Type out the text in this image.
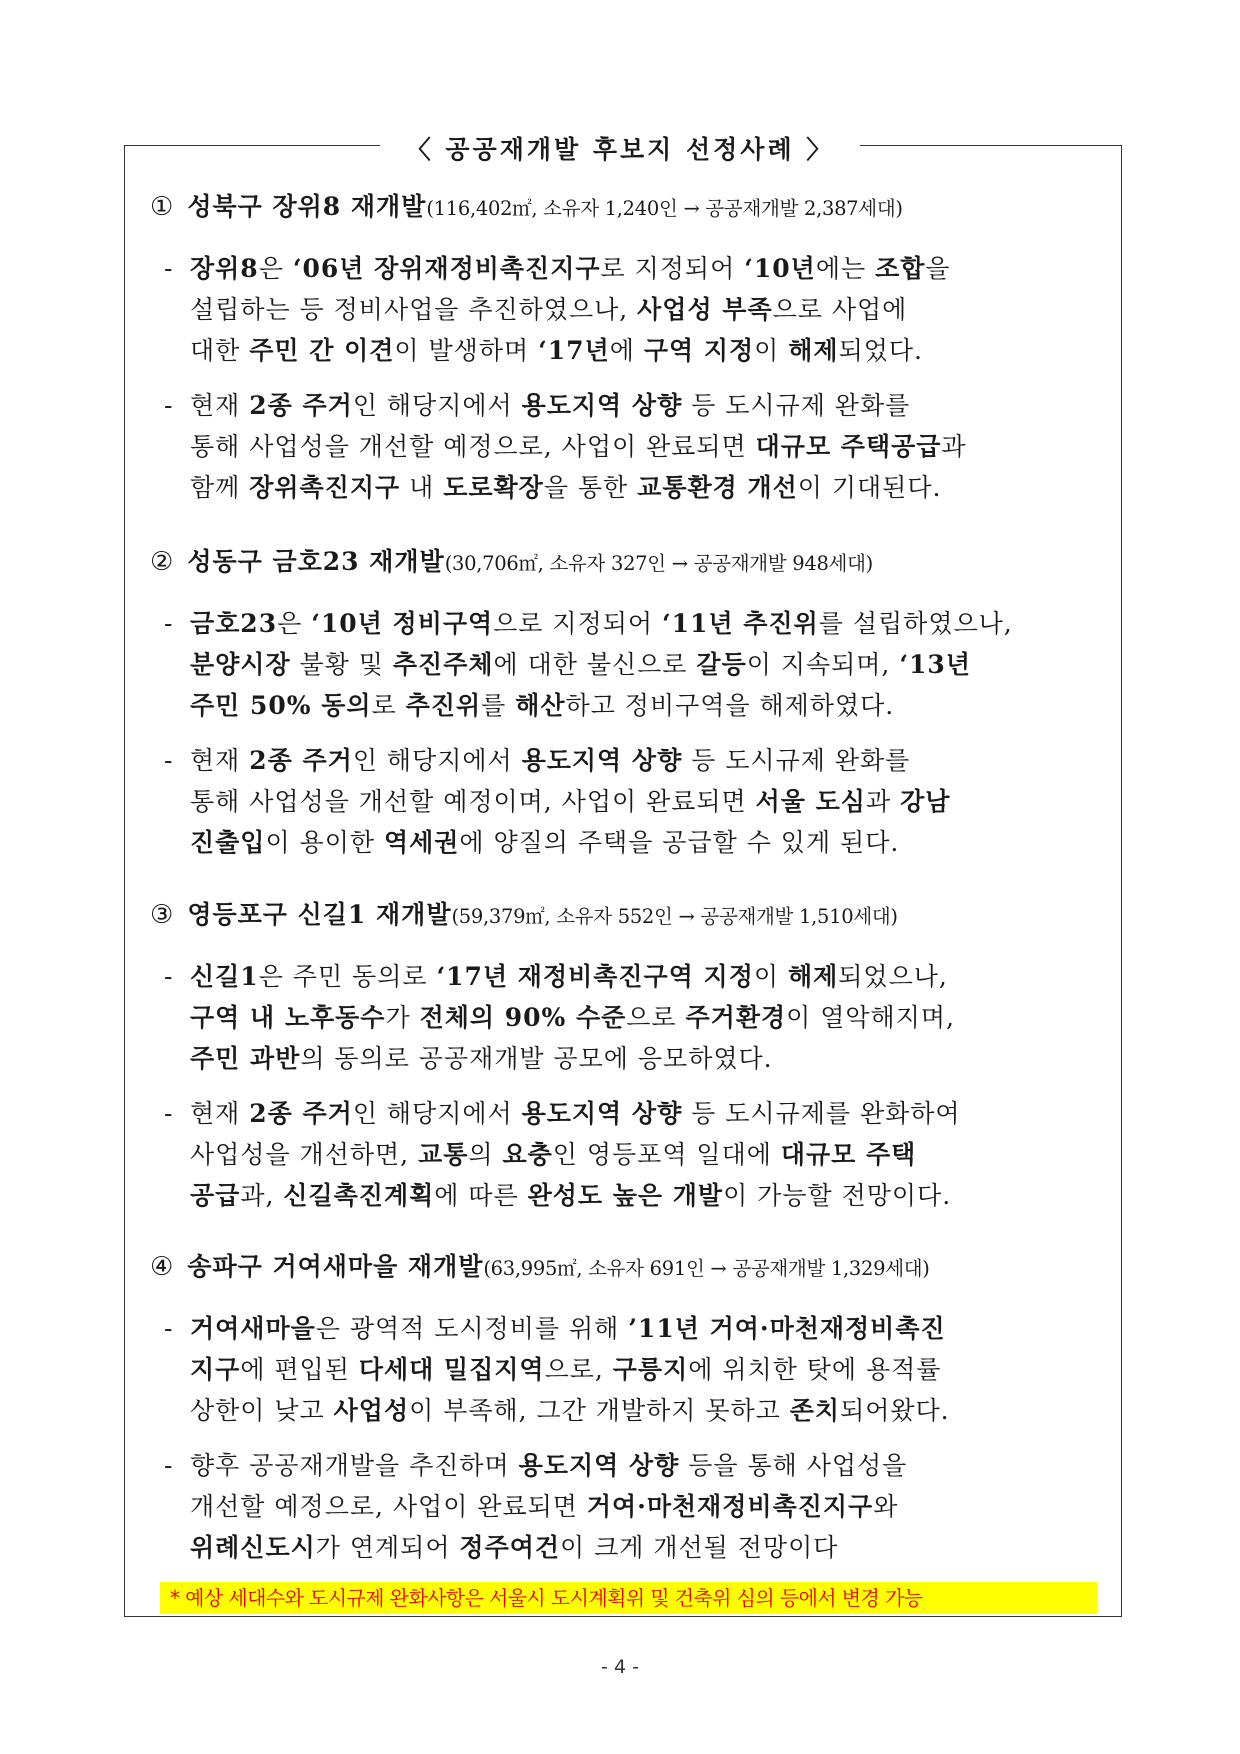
〈 공공재개발 후보지 선정사례 〉
① 성북구 장위8 재개발(116,402㎡, 소유자 1,240인 → 공공재개발 2,387세대)
- 장위8은 ‘06년 장위재정비촉진지구로 지정되어 ‘10년에는 조합을
설립하는 등 정비사업을 추진하였으나, 사업성 부족으로 사업에
대한 주민 간 이견이 발생하며 ‘17년에 구역 지정이 해제되었다.
- 현재 2종 주거인 해당지에서 용도지역 상향 등 도시규제 완화를
통해 사업성을 개선할 예정으로, 사업이 완료되면 대규모 주택공급과
함께 장위촉진지구 내 도로확장을 통한 교통환경 개선이 기대된다.
② 성동구 금호23 재개발(30,706㎡, 소유자 327인 → 공공재개발 948세대)
- 금호23은 ‘10년 정비구역으로 지정되어 ‘11년 추진위를 설립하였으나,
분양시장 불황 및 추진주체에 대한 불신으로 갈등이 지속되며, ‘13년
주민 50% 동의로 추진위를 해산하고 정비구역을 해제하였다.
- 현재 2종 주거인 해당지에서 용도지역 상향 등 도시규제 완화를
통해 사업성을 개선할 예정이며, 사업이 완료되면 서울 도심과 강남
진출입이 용이한 역세권에 양질의 주택을 공급할 수 있게 된다.
③ 영등포구 신길1 재개발(59,379㎡, 소유자 552인 → 공공재개발 1,510세대)
- 신길1은 주민 동의로 ‘17년 재정비촉진구역 지정이 해제되었으나,
구역 내 노후동수가 전체의 90% 수준으로 주거환경이 열악해지며,
주민 과반의 동의로 공공재개발 공모에 응모하였다.
- 현재 2종 주거인 해당지에서 용도지역 상향 등 도시규제를 완화하여
사업성을 개선하면, 교통의 요충인 영등포역 일대에 대규모 주택
공급과, 신길촉진계획에 따른 완성도 높은 개발이 가능할 전망이다.
④ 송파구 거여새마을 재개발(63,995㎡, 소유자 691인 → 공공재개발 1,329세대)
- 거여새마을은 광역적 도시정비를 위해 ’11년 거여·마천재정비촉진
지구에 편입된 다세대 밀집지역으로, 구릉지에 위치한 탓에 용적률
상한이 낮고 사업성이 부족해, 그간 개발하지 못하고 존치되어왔다.
- 향후 공공재개발을 추진하며 용도지역 상향 등을 통해 사업성을
개선할 예정으로, 사업이 완료되면 거여·마천재정비촉진지구와
위례신도시가 연계되어 정주여건이 크게 개선될 전망이다
* 예상 세대수와 도시규제 완화사항은 서울시 도시계획위 및 건축위 심의 등에서 변경 가능
- 4 -
